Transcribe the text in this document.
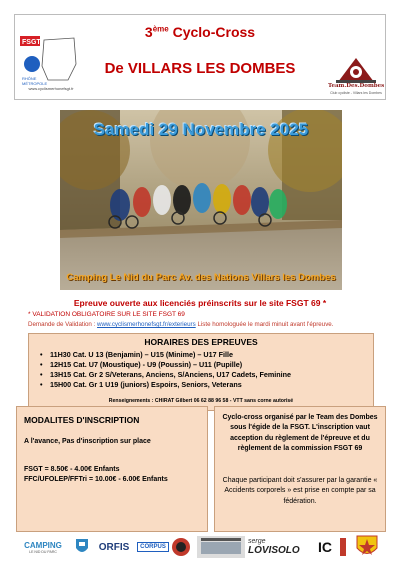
FSGT
RHÔNE
MÉTROPOLE
www.cyclismerhonefsgt.fr
3ème Cyclo-Cross
De VILLARS LES DOMBES
Team.Des.Dombes
Club cycliste - Villars les Dombes
Samedi 29 Novembre 2025
Camping Le Nid du Parc Av. des Nations Villars les Dombes
Epreuve ouverte aux licenciés préinscrits sur le site FSGT 69 *
* VALIDATION OBLIGATOIRE SUR LE SITE FSGT 69
Demande de Validation : www.cyclismerhonefsgt.fr/exterieurs Liste homologuée le mardi minuit avant l'épreuve.
HORAIRES DES EPREUVES
• 11H30 Cat. U 13 (Benjamin) – U15 (Minime) – U17 Fille
• 12H15 Cat. U7 (Moustique) - U9 (Poussin) – U11 (Pupille)
• 13H15 Cat. Gr 2 S/Veterans, Anciens, S/Anciens, U17 Cadets, Feminine
• 15H00 Cat. Gr 1 U19 (juniors) Espoirs, Seniors, Veterans
Renseignements : CHIRAT Gilbert 06 62 88 96 58 - VTT sans corne autorisé
MODALITES D'INSCRIPTION
A l'avance, Pas d'inscription sur place
FSGT = 8.50€ - 4.00€ Enfants
FFC/UFOLEP/FFTri = 10.00€ - 6.00€ Enfants
Cyclo-cross organisé par le Team des Dombes sous l'égide de la FSGT. L'inscription vaut acception du règlement de l'épreuve et du règlement de la commission FSGT 69
Chaque participant doit s'assurer par la garantie « Accidents corporels » est prise en compte par sa fédération.
CAMPING
LE NID DU PARC	ORFIS	CORPUS
serge
LOVISOLO IC
